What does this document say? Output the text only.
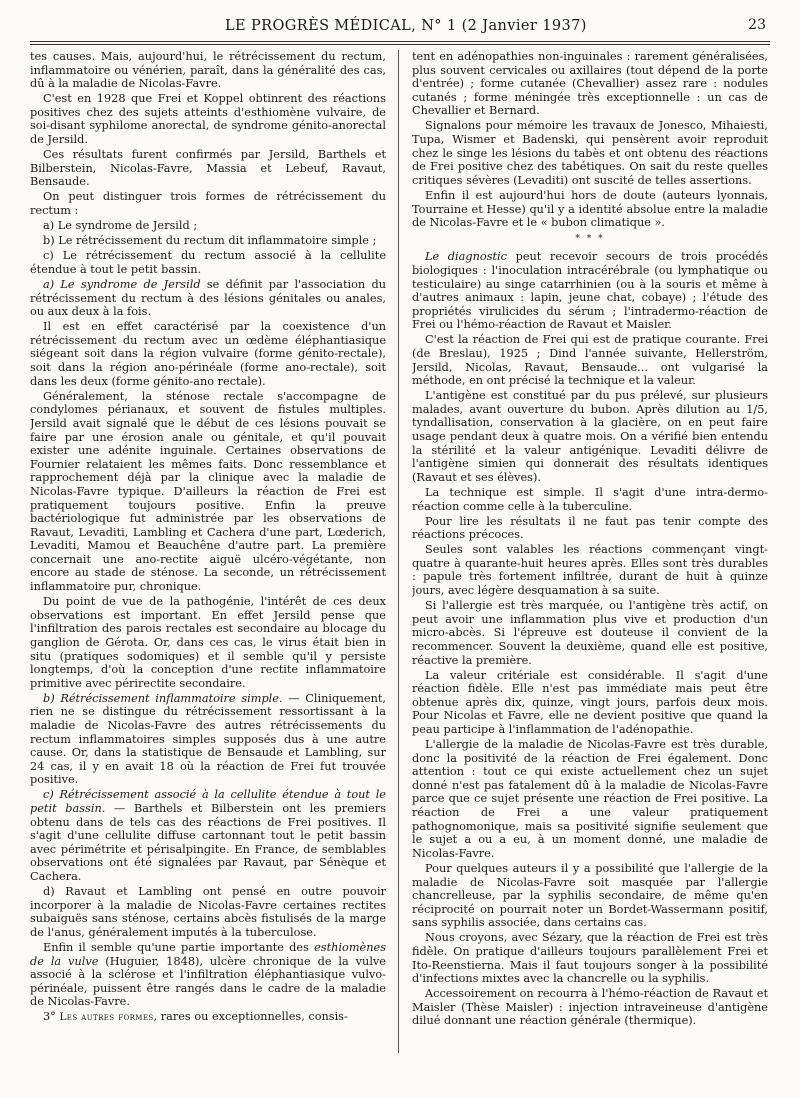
LE PROGRÈS MÉDICAL, N° 1 (2 Janvier 1937)	23

tes causes. Mais, aujourd'hui, le rétrécissement du rectum, inflammatoire ou vénérien, paraît, dans la généralité des cas, dû à la maladie de Nicolas-Favre.

C'est en 1928 que Frei et Koppel obtinrent des réactions positives chez des sujets atteints d'esthiomène vulvaire, de soi-disant syphilome anorectal, de syndrome génito-anorectal de Jersild.

Ces résultats furent confirmés par Jersild, Barthels et Bilberstein, Nicolas-Favre, Massia et Lebeuf, Ravaut, Bensaude.

On peut distinguer trois formes de rétrécissement du rectum :

a) Le syndrome de Jersild ;

b) Le rétrécissement du rectum dit inflammatoire simple ;

c) Le rétrécissement du rectum associé à la cellulite étendue à tout le petit bassin.

a) Le syndrome de Jersild se définit par l'association du rétrécissement du rectum à des lésions génitales ou anales, ou aux deux à la fois.

Il est en effet caractérisé par la coexistence d'un rétrécissement du rectum avec un œdème éléphantiasique siégeant soit dans la région vulvaire (forme génito-rectale), soit dans la région ano-périnéale (forme ano-rectale), soit dans les deux (forme génito-ano rectale).

Généralement, la sténose rectale s'accompagne de condylomes périanaux, et souvent de fistules multiples. Jersild avait signalé que le début de ces lésions pouvait se faire par une érosion anale ou génitale, et qu'il pouvait exister une adénite inguinale. Certaines observations de Fournier relataient les mêmes faits. Donc ressemblance et rapprochement déjà par la clinique avec la maladie de Nicolas-Favre typique. D'ailleurs la réaction de Frei est pratiquement toujours positive. Enfin la preuve bactériologique fut administrée par les observations de Ravaut, Levaditi, Lambling et Cachera d'une part, Lœderich, Levaditi, Mamou et Beauchêne d'autre part. La première concernait une ano-rectite aiguë ulcéro-végétante, non encore au stade de sténose. La seconde, un rétrécissement inflammatoire pur, chronique.

Du point de vue de la pathogénie, l'intérêt de ces deux observations est important. En effet Jersild pense que l'infiltration des parois rectales est secondaire au blocage du ganglion de Gérota. Or, dans ces cas, le virus était bien in situ (pratiques sodomiques) et il semble qu'il y persiste longtemps, d'où la conception d'une rectite inflammatoire primitive avec périrectite secondaire.

b) Rétrécissement inflammatoire simple. — Cliniquement, rien ne se distingue du rétrécissement ressortissant à la maladie de Nicolas-Favre des autres rétrécissements du rectum inflammatoires simples supposés dus à une autre cause. Or, dans la statistique de Bensaude et Lambling, sur 24 cas, il y en avait 18 où la réaction de Frei fut trouvée positive.

c) Rétrécissement associé à la cellulite étendue à tout le petit bassin. — Barthels et Bilberstein ont les premiers obtenu dans de tels cas des réactions de Frei positives. Il s'agit d'une cellulite diffuse cartonnant tout le petit bassin avec périmétrite et périsalpingite. En France, de semblables observations ont été signalées par Ravaut, par Sénèque et Cachera.

d) Ravaut et Lambling ont pensé en outre pouvoir incorporer à la maladie de Nicolas-Favre certaines rectites subaiguës sans sténose, certains abcès fistulisés de la marge de l'anus, généralement imputés à la tuberculose.

Enfin il semble qu'une partie importante des esthiomènes de la vulve (Huguier, 1848), ulcère chronique de la vulve associé à la sclérose et l'infiltration éléphantiasique vulvo-périnéale, puissent être rangés dans le cadre de la maladie de Nicolas-Favre.

3° Les autres formes, rares ou exceptionnelles, consis-

tent en adénopathies non-inguinales : rarement généralisées, plus souvent cervicales ou axillaires (tout dépend de la porte d'entrée) ; forme cutanée (Chevallier) assez rare : nodules cutanés ; forme méningée très exceptionnelle : un cas de Chevallier et Bernard.

Signalons pour mémoire les travaux de Jonesco, Mihaiesti, Tupa, Wismer et Badenski, qui pensèrent avoir reproduit chez le singe les lésions du tabès et ont obtenu des réactions de Frei positive chez des tabétiques. On sait du reste quelles critiques sévères (Levaditi) ont suscité de telles assertions.

Enfin il est aujourd'hui hors de doute (auteurs lyonnais, Tourraine et Hesse) qu'il y a identité absolue entre la maladie de Nicolas-Favre et le « bubon climatique ».

* * *

Le diagnostic peut recevoir secours de trois procédés biologiques : l'inoculation intracérébrale (ou lymphatique ou testiculaire) au singe catarrhinien (ou à la souris et même à d'autres animaux : lapin, jeune chat, cobaye) ; l'étude des propriétés virulicides du sérum ; l'intradermo-réaction de Frei ou l'hémo-réaction de Ravaut et Maisler.

C'est la réaction de Frei qui est de pratique courante. Frei (de Breslau), 1925 ; Dind l'année suivante, Hellerström, Jersild, Nicolas, Ravaut, Bensaude... ont vulgarisé la méthode, en ont précisé la technique et la valeur.

L'antigène est constitué par du pus prélevé, sur plusieurs malades, avant ouverture du bubon. Après dilution au 1/5, tyndallisation, conservation à la glacière, on en peut faire usage pendant deux à quatre mois. On a vérifié bien entendu la stérilité et la valeur antigénique. Levaditi délivre de l'antigène simien qui donnerait des résultats identiques (Ravaut et ses élèves).

La technique est simple. Il s'agit d'une intra-dermo-réaction comme celle à la tuberculine.

Pour lire les résultats il ne faut pas tenir compte des réactions précoces.

Seules sont valables les réactions commençant vingt-quatre à quarante-huit heures après. Elles sont très durables : papule très fortement infiltrée, durant de huit à quinze jours, avec légère desquamation à sa suite.

Si l'allergie est très marquée, ou l'antigène très actif, on peut avoir une inflammation plus vive et production d'un micro-abcès. Si l'épreuve est douteuse il convient de la recommencer. Souvent la deuxième, quand elle est positive, réactive la première.

La valeur critériale est considérable. Il s'agit d'une réaction fidèle. Elle n'est pas immédiate mais peut être obtenue après dix, quinze, vingt jours, parfois deux mois. Pour Nicolas et Favre, elle ne devient positive que quand la peau participe à l'inflammation de l'adénopathie.

L'allergie de la maladie de Nicolas-Favre est très durable, donc la positivité de la réaction de Frei également. Donc attention : tout ce qui existe actuellement chez un sujet donné n'est pas fatalement dû à la maladie de Nicolas-Favre parce que ce sujet présente une réaction de Frei positive. La réaction de Frei a une valeur pratiquement pathognomonique, mais sa positivité signifie seulement que le sujet a ou a eu, à un moment donné, une maladie de Nicolas-Favre.

Pour quelques auteurs il y a possibilité que l'allergie de la maladie de Nicolas-Favre soit masquée par l'allergie chancrelleuse, par la syphilis secondaire, de même qu'en réciprocité on pourrait noter un Bordet-Wassermann positif, sans syphilis associée, dans certains cas.

Nous croyons, avec Sézary, que la réaction de Frei est très fidèle. On pratique d'ailleurs toujours parallèlement Frei et Ito-Reenstierna. Mais il faut toujours songer à la possibilité d'infections mixtes avec la chancrelle ou la syphilis.

Accessoirement on recourra à l'hémo-réaction de Ravaut et Maisler (Thèse Maisler) : injection intraveineuse d'antigène dilué donnant une réaction générale (thermique).
